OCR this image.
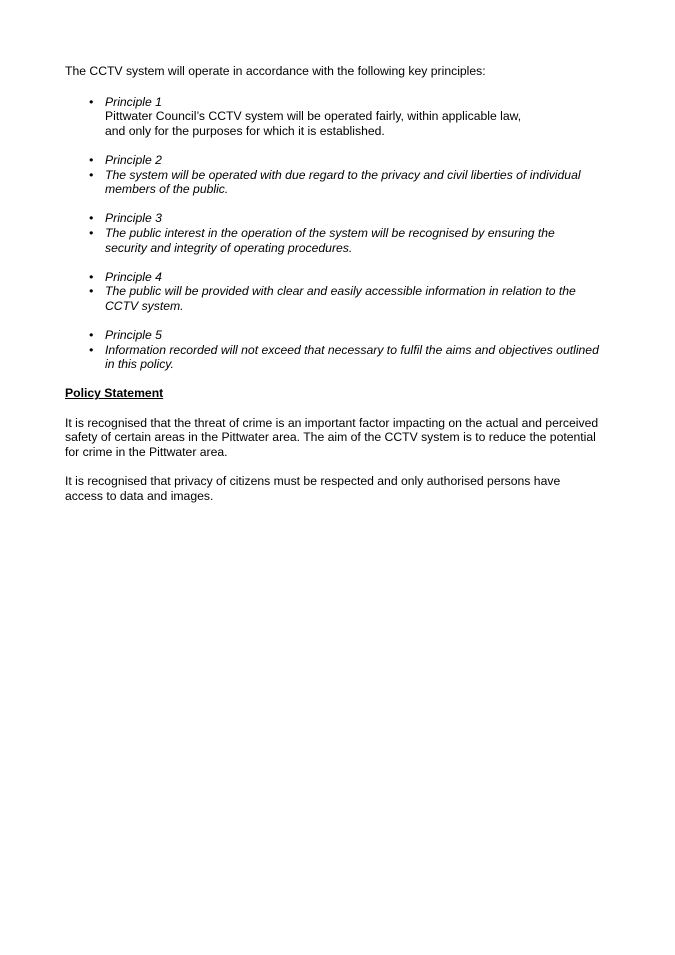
The CCTV system will operate in accordance with the following key principles:

• Principle 1
Pittwater Council’s CCTV system will be operated fairly, within applicable law,
and only for the purposes for which it is established.
• Principle 2
• The system will be operated with due regard to the privacy and civil liberties of individual
members of the public.
• Principle 3
• The public interest in the operation of the system will be recognised by ensuring the
security and integrity of operating procedures.
• Principle 4
• The public will be provided with clear and easily accessible information in relation to the
CCTV system.
• Principle 5
• Information recorded will not exceed that necessary to fulfil the aims and objectives outlined
in this policy.

Policy Statement

It is recognised that the threat of crime is an important factor impacting on the actual and perceived
safety of certain areas in the Pittwater area. The aim of the CCTV system is to reduce the potential
for crime in the Pittwater area.
It is recognised that privacy of citizens must be respected and only authorised persons have
access to data and images.
